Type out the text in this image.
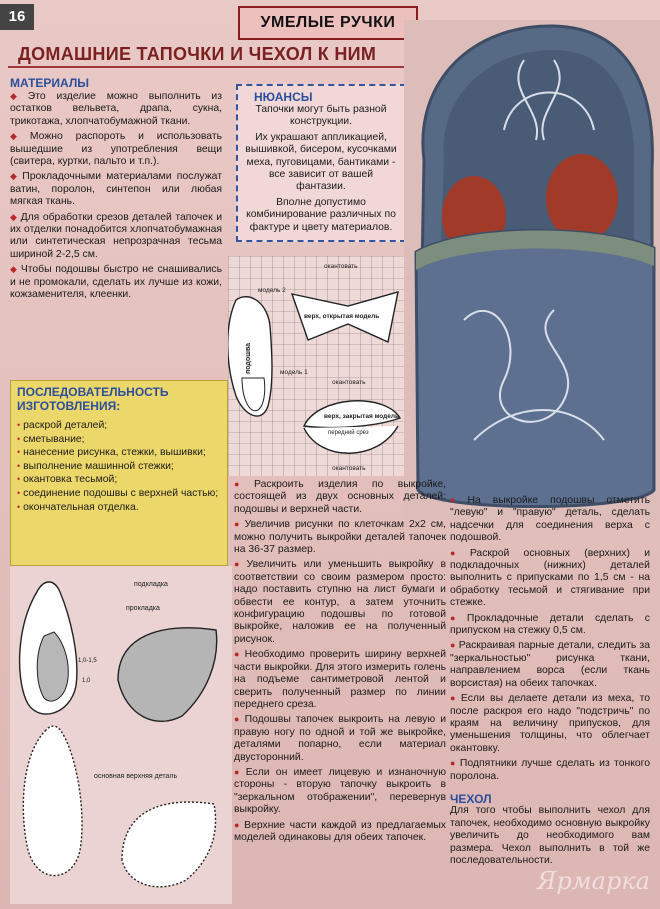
16	УМЕЛЫЕ РУЧКИ
ДОМАШНИЕ ТАПОЧКИ И ЧЕХОЛ К НИМ
МАТЕРИАЛЫ

◆ Это изделие можно выполнить из остатков вельвета, драпа, сукна, трикотажа, хлопчатобумажной ткани.

◆ Можно распороть и использовать вышедшие из употребления вещи (свитера, куртки, пальто и т.п.).

◆ Прокладочными материалами послужат ватин, поролон, синтепон или любая мягкая ткань.

◆ Для обработки срезов деталей тапочек и их отделки понадобится хлопчатобумажная или синтетическая непрозрачная тесьма шириной 2-2,5 см.

◆ Чтобы подошвы быстро не снашивались и не промокали, сделать их лучше из кожи, кожзаменителя, клеенки.

НЮАНСЫ

Тапочки могут быть разной конструкции.

Их украшают аппликацией, вышивкой, бисером, кусочками меха, пуговицами, бантиками - все зависит от вашей фантазии.

Вполне допустимо комбинирование различных по фактуре и цвету материалов.

окантовать
модель 2
верх, открытая модель
подошва	модель 1
окантовать
верх, закрытая модель
передний срез
окантовать
ПОСЛЕДОВАТЕЛЬНОСТЬ
ИЗГОТОВЛЕНИЯ:
• раскрой деталей;
• сметывание;
• нанесение рисунка, стежки, вышивки;
• выполнение машинной стежки;
• окантовка тесьмой;
• соединение подошвы с верхней частью;
• окончательная отделка.
подкладка
прокладка
1,0-1,5
1,0
основная верхняя деталь

● Раскроить изделия по выкройке, состоящей из двух основных деталей: подошвы и верхней части.

● Увеличив рисунки по клеточкам 2х2 см, можно получить выкройки деталей тапочек на 36-37 размер.

● Увеличить или уменьшить выкройку в соответствии со своим размером просто: надо поставить ступню на лист бумаги и обвести ее контур, а затем уточнить конфигурацию подошвы по готовой выкройке, наложив ее на полученный рисунок.

● Необходимо проверить ширину верхней части выкройки. Для этого измерить голень на подъеме сантиметровой лентой и сверить полученный размер по линии переднего среза.

● Подошвы тапочек выкроить на левую и правую ногу по одной и той же выкройке, деталями попарно, если материал двусторонний.

● Если он имеет лицевую и изнаночную стороны - вторую тапочку выкроить в "зеркальном отображении", перевернув выкройку.

● Верхние части каждой из предлагаемых моделей одинаковы для обеих тапочек.

● На выкройке подошвы отметить "левую" и "правую" деталь, сделать надсечки для соединения верха с подошвой.

● Раскрой основных (верхних) и подкладочных (нижних) деталей выполнить с припусками по 1,5 см - на обработку тесьмой и стягивание при стежке.

● Прокладочные детали сделать с припуском на стежку 0,5 см.

● Раскраивая парные детали, следить за "зеркальностью" рисунка ткани, направлением ворса (если ткань ворсистая) на обеих тапочках.

● Если вы делаете детали из меха, то после раскроя его надо "подстричь" по краям на величину припусков, для уменьшения толщины, что облегчает окантовку.

● Подпятники лучше сделать из тонкого поролона.

ЧЕХОЛ

Для того чтобы выполнить чехол для тапочек, необходимо основную выкройку увеличить до необходимого вам размера. Чехол выполнить в той же последовательности.

Ярмарка
